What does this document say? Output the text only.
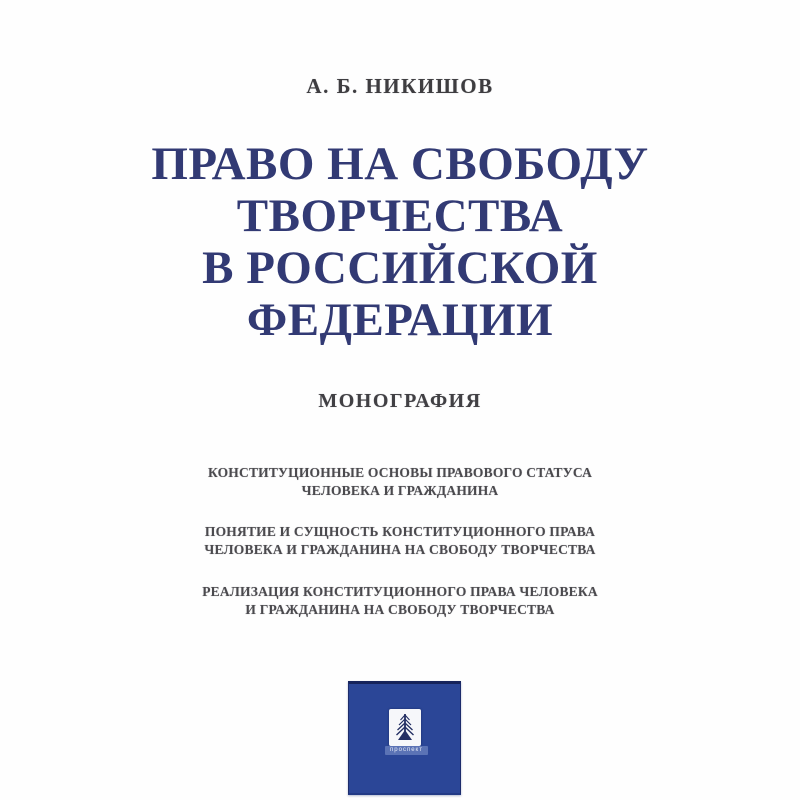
А. Б. НИКИШОВ
ПРАВО НА СВОБОДУ
ТВОРЧЕСТВА
В РОССИЙСКОЙ
ФЕДЕРАЦИИ
МОНОГРАФИЯ
КОНСТИТУЦИОННЫЕ ОСНОВЫ ПРАВОВОГО СТАТУСА
ЧЕЛОВЕКА И ГРАЖДАНИНА
ПОНЯТИЕ И СУЩНОСТЬ КОНСТИТУЦИОННОГО ПРАВА
ЧЕЛОВЕКА И ГРАЖДАНИНА НА СВОБОДУ ТВОРЧЕСТВА
РЕАЛИЗАЦИЯ КОНСТИТУЦИОННОГО ПРАВА ЧЕЛОВЕКА
И ГРАЖДАНИНА НА СВОБОДУ ТВОРЧЕСТВА
проспект
